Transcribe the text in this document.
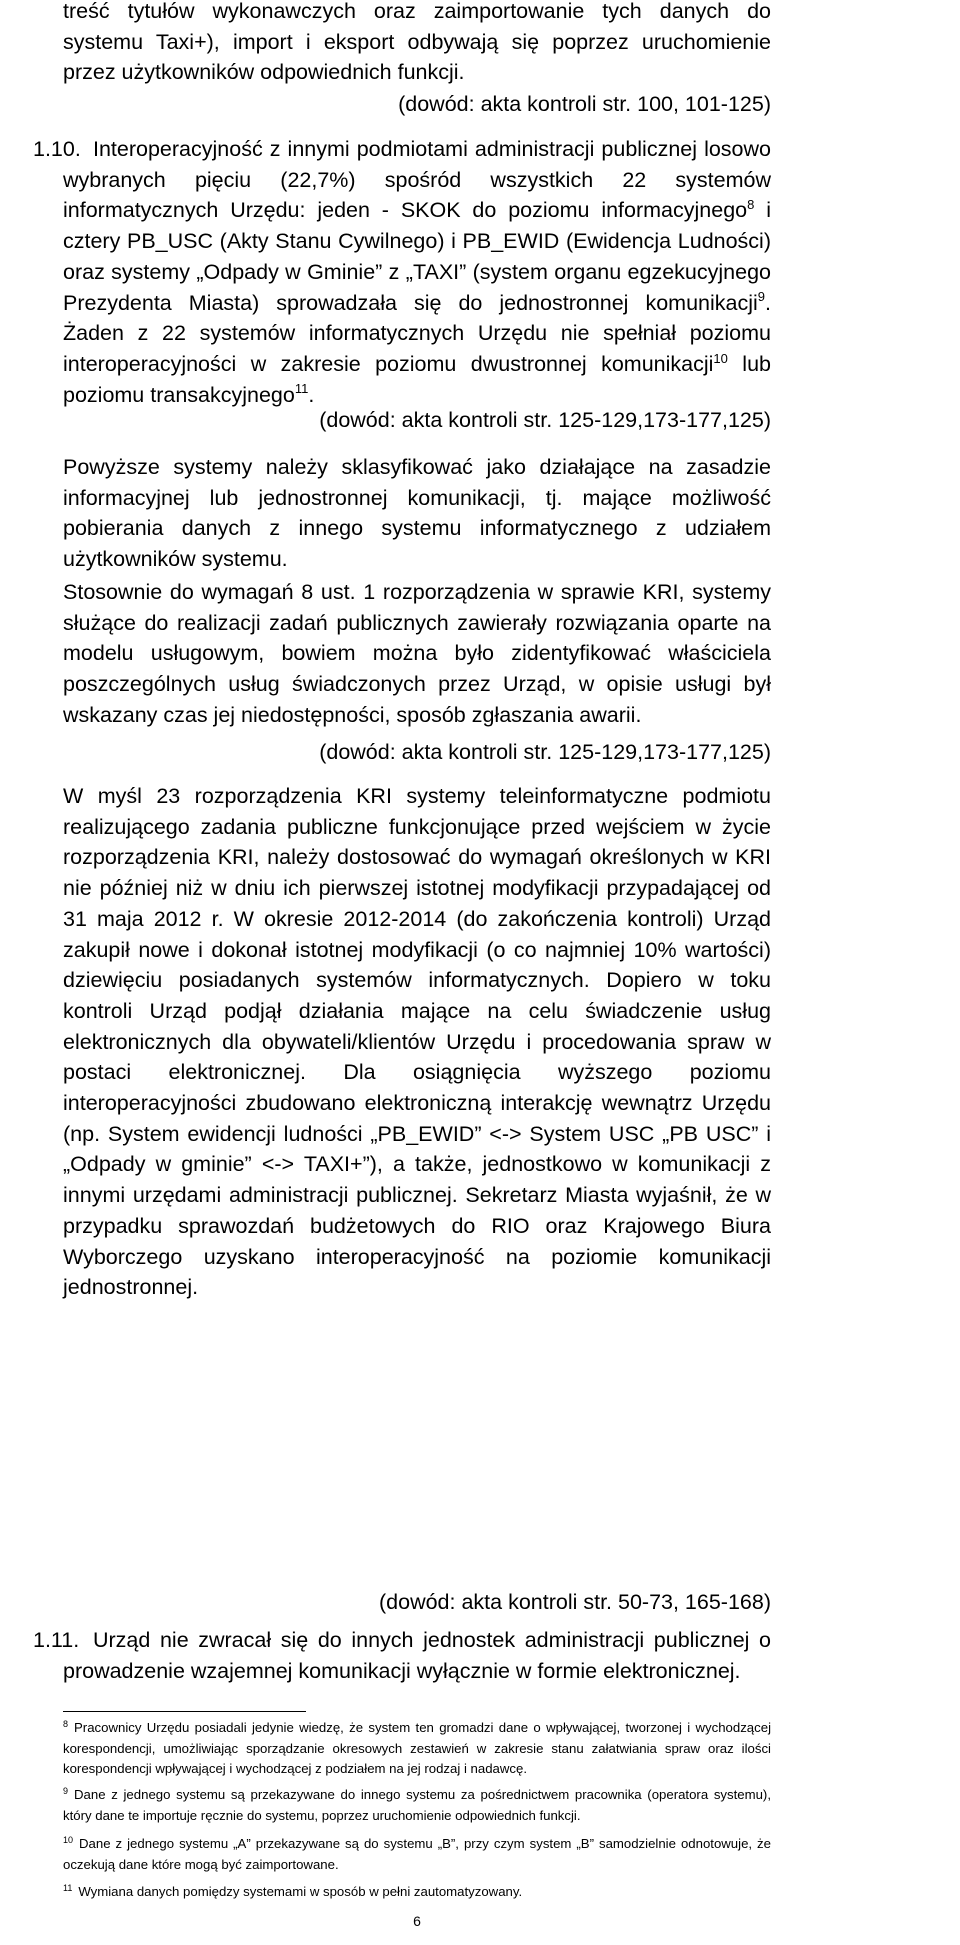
treść tytułów wykonawczych oraz zaimportowanie tych danych do systemu Taxi+), import i eksport odbywają się poprzez uruchomienie przez użytkowników odpowiednich funkcji.

(dowód: akta kontroli str. 100, 101-125)

1.10. Interoperacyjność z innymi podmiotami administracji publicznej losowo wybranych pięciu (22,7%) spośród wszystkich 22 systemów informatycznych Urzędu: jeden - SKOK do poziomu informacyjnego$^8$ i cztery PB_USC (Akty Stanu Cywilnego) i PB_EWID (Ewidencja Ludności) oraz systemy „Odpady w Gminie” z „TAXI” (system organu egzekucyjnego Prezydenta Miasta) sprowadzała się do jednostronnej komunikacji$^9$. Żaden z 22 systemów informatycznych Urzędu nie spełniał poziomu interoperacyjności w zakresie poziomu dwustronnej komunikacji$^{10}$ lub poziomu transakcyjnego$^{11}$.

(dowód: akta kontroli str. 125-129,173-177,125)

Powyższe systemy należy sklasyfikować jako działające na zasadzie informacyjnej lub jednostronnej komunikacji, tj. mające możliwość pobierania danych z innego systemu informatycznego z udziałem użytkowników systemu.

Stosownie do wymagań 8 ust. 1 rozporządzenia w sprawie KRI, systemy służące do realizacji zadań publicznych zawierały rozwiązania oparte na modelu usługowym, bowiem można było zidentyfikować właściciela poszczególnych usług świadczonych przez Urząd, w opisie usługi był wskazany czas jej niedostępności, sposób zgłaszania awarii.

(dowód: akta kontroli str. 125-129,173-177,125)

W myśl 23 rozporządzenia KRI systemy teleinformatyczne podmiotu realizującego zadania publiczne funkcjonujące przed wejściem w życie rozporządzenia KRI, należy dostosować do wymagań określonych w KRI nie później niż w dniu ich pierwszej istotnej modyfikacji przypadającej od 31 maja 2012 r. W okresie 2012-2014 (do zakończenia kontroli) Urząd zakupił nowe i dokonał istotnej modyfikacji (o co najmniej 10% wartości) dziewięciu posiadanych systemów informatycznych. Dopiero w toku kontroli Urząd podjął działania mające na celu świadczenie usług elektronicznych dla obywateli/klientów Urzędu i procedowania spraw w postaci elektronicznej. Dla osiągnięcia wyższego poziomu interoperacyjności zbudowano elektroniczną interakcję wewnątrz Urzędu (np. System ewidencji ludności „PB_EWID” <-> System USC „PB USC” i „Odpady w gminie” <-> TAXI+”), a także, jednostkowo w komunikacji z innymi urzędami administracji publicznej. Sekretarz Miasta wyjaśnił, że w przypadku sprawozdań budżetowych do RIO oraz Krajowego Biura Wyborczego uzyskano interoperacyjność na poziomie komunikacji jednostronnej.

(dowód: akta kontroli str. 50-73, 165-168)

1.11. Urząd nie zwracał się do innych jednostek administracji publicznej o prowadzenie wzajemnej komunikacji wyłącznie w formie elektronicznej.

$^8$ Pracownicy Urzędu posiadali jedynie wiedzę, że system ten gromadzi dane o wpływającej, tworzonej i wychodzącej korespondencji, umożliwiając sporządzanie okresowych zestawień w zakresie stanu załatwiania spraw oraz ilości korespondencji wpływającej i wychodzącej z podziałem na jej rodzaj i nadawcę.

$^9$ Dane z jednego systemu są przekazywane do innego systemu za pośrednictwem pracownika (operatora systemu), który dane te importuje ręcznie do systemu, poprzez uruchomienie odpowiednich funkcji.

$^{10}$ Dane z jednego systemu „A” przekazywane są do systemu „B”, przy czym system „B” samodzielnie odnotowuje, że oczekują dane które mogą być zaimportowane.

$^{11}$ Wymiana danych pomiędzy systemami w sposób w pełni zautomatyzowany.

6
